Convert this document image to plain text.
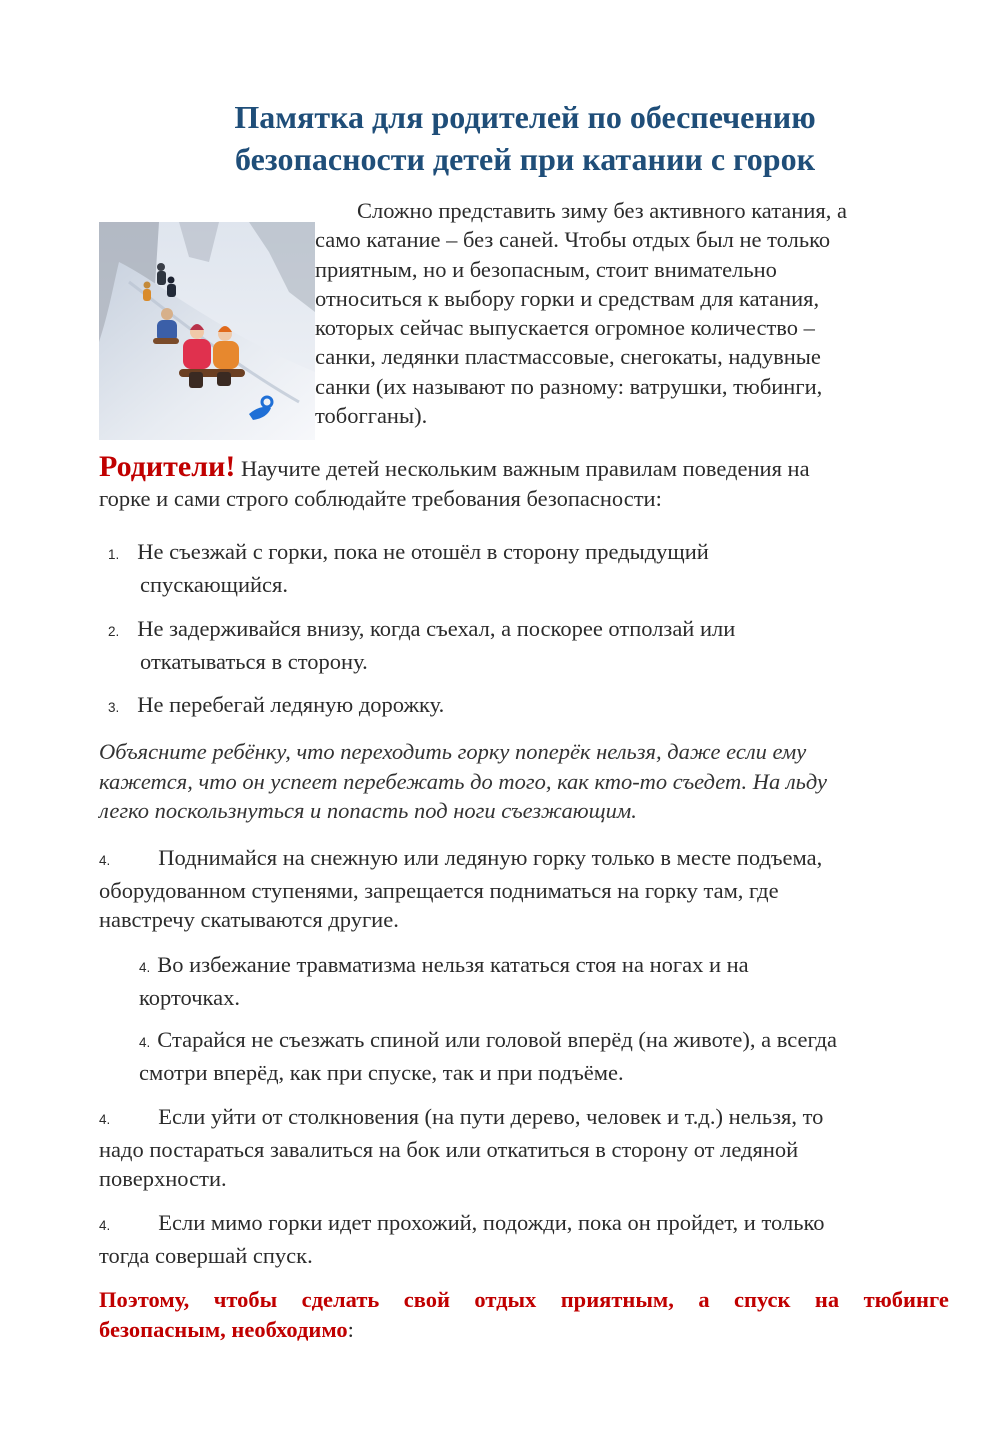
Памятка для родителей по обеспечению
безопасности детей при катании с горок
Сложно представить зиму без активного катания, а
само катание – без саней. Чтобы отдых был не только
приятным, но и безопасным, стоит внимательно
относиться к выбору горки и средствам для катания,
которых сейчас выпускается огромное количество –
санки, ледянки пластмассовые, снегокаты, надувные
санки (их называют по разному: ватрушки, тюбинги,
тобогганы).
Родители! Научите детей нескольким важным правилам поведения на
горке и сами строго соблюдайте требования безопасности:
1. Не съезжай с горки, пока не отошёл в сторону предыдущий
спускающийся.
2. Не задерживайся внизу, когда съехал, а поскорее отползай или
откатываться в сторону.
3. Не перебегай ледяную дорожку.
Объясните ребёнку, что переходить горку поперёк нельзя, даже если ему
кажется, что он успеет перебежать до того, как кто-то съедет. На льду
легко поскользнуться и попасть под ноги съезжающим.
4. Поднимайся на снежную или ледяную горку только в месте подъема,
оборудованном ступенями, запрещается подниматься на горку там, где
навстречу скатываются другие.
4. Во избежание травматизма нельзя кататься стоя на ногах и на
корточках.
4. Старайся не съезжать спиной или головой вперёд (на животе), а всегда
смотри вперёд, как при спуске, так и при подъёме.
4. Если уйти от столкновения (на пути дерево, человек и т.д.) нельзя, то
надо постараться завалиться на бок или откатиться в сторону от ледяной
поверхности.
4. Если мимо горки идет прохожий, подожди, пока он пройдет, и только
тогда совершай спуск.
Поэтому, чтобы сделать свой отдых приятным, а спуск на тюбинге
безопасным, необходимо:
